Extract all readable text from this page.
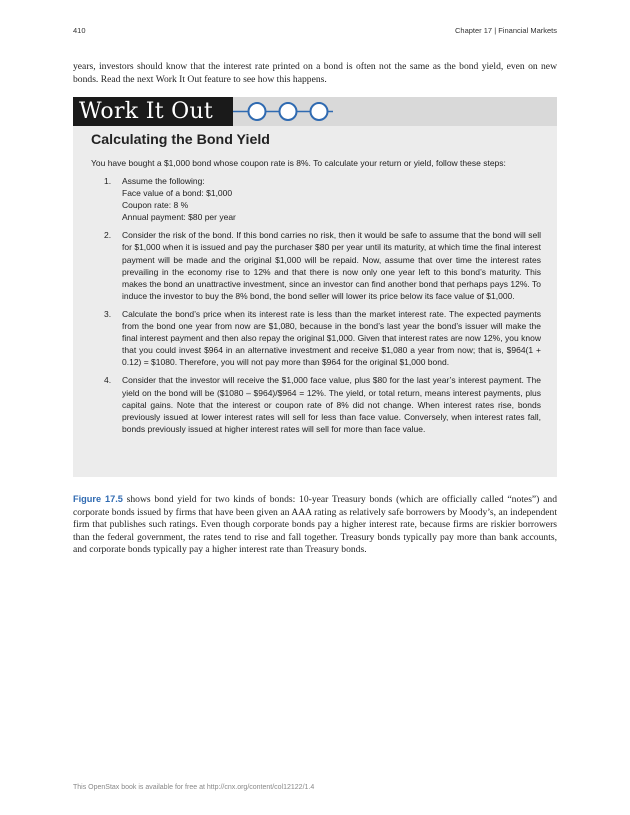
410	Chapter 17 | Financial Markets

years, investors should know that the interest rate printed on a bond is often not the same as the bond yield, even on new bonds. Read the next Work It Out feature to see how this happens.

Work It Out
Calculating the Bond Yield

You have bought a $1,000 bond whose coupon rate is 8%. To calculate your return or yield, follow these steps:

1. Assume the following:
Face value of a bond: $1,000
Coupon rate: 8 %
Annual payment: $80 per year
2. Consider the risk of the bond. If this bond carries no risk, then it would be safe to assume that the bond will sell for $1,000 when it is issued and pay the purchaser $80 per year until its maturity, at which time the final interest payment will be made and the original $1,000 will be repaid. Now, assume that over time the interest rates prevailing in the economy rise to 12% and that there is now only one year left to this bond’s maturity. This makes the bond an unattractive investment, since an investor can find another bond that perhaps pays 12%. To induce the investor to buy the 8% bond, the bond seller will lower its price below its face value of $1,000.
3. Calculate the bond’s price when its interest rate is less than the market interest rate. The expected payments from the bond one year from now are $1,080, because in the bond’s last year the bond’s issuer will make the final interest payment and then also repay the original $1,000. Given that interest rates are now 12%, you know that you could invest $964 in an alternative investment and receive $1,080 a year from now; that is, $964(1 + 0.12) = $1080. Therefore, you will not pay more than $964 for the original $1,000 bond.
4. Consider that the investor will receive the $1,000 face value, plus $80 for the last year’s interest payment. The yield on the bond will be ($1080 – $964)/$964 = 12%. The yield, or total return, means interest payments, plus capital gains. Note that the interest or coupon rate of 8% did not change. When interest rates rise, bonds previously issued at lower interest rates will sell for less than face value. Conversely, when interest rates fall, bonds previously issued at higher interest rates will sell for more than face value.

Figure 17.5 shows bond yield for two kinds of bonds: 10-year Treasury bonds (which are officially called “notes”) and corporate bonds issued by firms that have been given an AAA rating as relatively safe borrowers by Moody’s, an independent firm that publishes such ratings. Even though corporate bonds pay a higher interest rate, because firms are riskier borrowers than the federal government, the rates tend to rise and fall together. Treasury bonds typically pay more than bank accounts, and corporate bonds typically pay a higher interest rate than Treasury bonds.

This OpenStax book is available for free at http://cnx.org/content/col12122/1.4
